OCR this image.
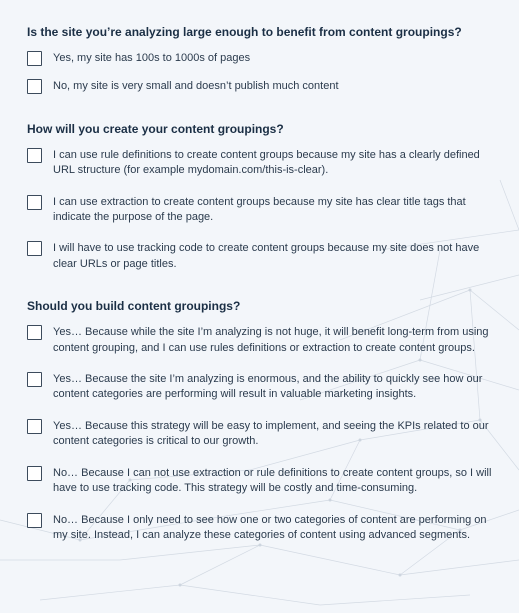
Is the site you’re analyzing large enough to benefit from content groupings?

Yes, my site has 100s to 1000s of pages
No, my site is very small and doesn’t publish much content

How will you create your content groupings?

I can use rule definitions to create content groups because my site has a clearly defined URL structure (for example mydomain.com/this-is-clear).
I can use extraction to create content groups because my site has clear title tags that indicate the purpose of the page.
I will have to use tracking code to create content groups because my site does not have clear URLs or page titles.

Should you build content groupings?

Yes… Because while the site I’m analyzing is not huge, it will benefit long-term from using content grouping, and I can use rules definitions or extraction to create content groups.
Yes… Because the site I’m analyzing is enormous, and the ability to quickly see how our content categories are performing will result in valuable marketing insights.
Yes… Because this strategy will be easy to implement, and seeing the KPIs related to our content categories is critical to our growth.
No… Because I can not use extraction or rule definitions to create content groups, so I will have to use tracking code. This strategy will be costly and time-consuming.
No… Because I only need to see how one or two categories of content are performing on my site. Instead, I can analyze these categories of content using advanced segments.
